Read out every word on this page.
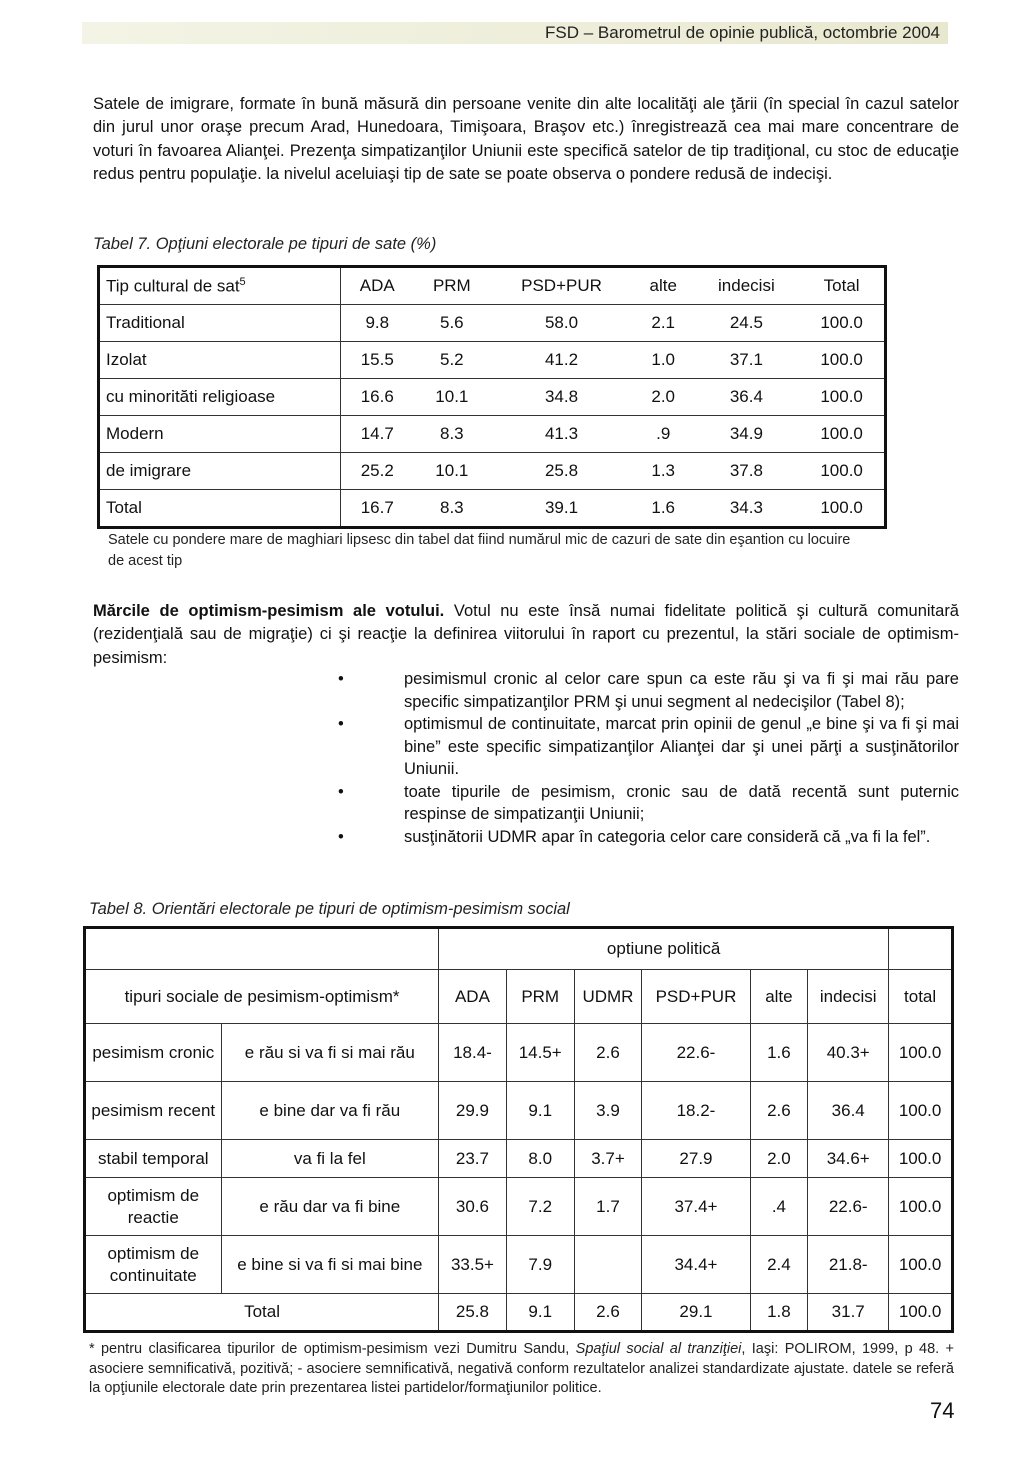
FSD – Barometrul de opinie publică, octombrie 2004

Satele de imigrare, formate în bună măsură din persoane venite din alte localităţi ale ţării (în special în cazul satelor din jurul unor oraşe precum Arad, Hunedoara, Timişoara, Braşov etc.) înregistrează cea mai mare concentrare de voturi în favoarea Alianţei. Prezenţa simpatizanţilor Uniunii este specifică satelor de tip tradiţional, cu stoc de educaţie redus pentru populaţie. la nivelul aceluiaşi tip de sate se poate observa o pondere redusă de indecişi.

Tabel 7. Opţiuni electorale pe tipuri de sate (%)
Tip cultural de sat$^5$	ADA	PRM	PSD+PUR	alte	indecisi	Total
Traditional	9.8	5.6	58.0	2.1	24.5	100.0
Izolat	15.5	5.2	41.2	1.0	37.1	100.0
cu minorităti religioase	16.6	10.1	34.8	2.0	36.4	100.0
Modern	14.7	8.3	41.3	.9	34.9	100.0
de imigrare	25.2	10.1	25.8	1.3	37.8	100.0
Total	16.7	8.3	39.1	1.6	34.3	100.0
Satele cu pondere mare de maghiari lipsesc din tabel dat fiind numărul mic de cazuri de sate din eşantion cu locuire de acest tip

Mărcile de optimism-pesimism ale votului. Votul nu este însă numai fidelitate politică şi cultură comunitară (rezidenţială sau de migraţie) ci şi reacţie la definirea viitorului în raport cu prezentul, la stări sociale de optimism-pesimism:

•	pesimismul cronic al celor care spun ca este rău şi va fi şi mai rău pare specific simpatizanţilor PRM şi unui segment al nedecişilor (Tabel 8);
•	optimismul de continuitate, marcat prin opinii de genul „e bine şi va fi şi mai bine” este specific simpatizanţilor Alianţei dar şi unei părţi a susţinătorilor Uniunii.
•	toate tipurile de pesimism, cronic sau de dată recentă sunt puternic respinse de simpatizanţii Uniunii;
•	susţinătorii UDMR apar în categoria celor care consideră că „va fi la fel”.
Tabel 8. Orientări electorale pe tipuri de optimism-pesimism social
		optiune politică						
tipuri sociale de pesimism-optimism*		ADA	PRM	UDMR	PSD+PUR	alte	indecisi	total
pesimism cronic	e rău si va fi si mai rău	18.4-	14.5+	2.6	22.6-	1.6	40.3+	100.0
pesimism recent	e bine dar va fi rău	29.9	9.1	3.9	18.2-	2.6	36.4	100.0
stabil temporal	va fi la fel	23.7	8.0	3.7+	27.9	2.0	34.6+	100.0
optimism de reactie	e rău dar va fi bine	30.6	7.2	1.7	37.4+	.4	22.6-	100.0
optimism de continuitate	e bine si va fi si mai bine	33.5+	7.9		34.4+	2.4	21.8-	100.0
Total		25.8	9.1	2.6	29.1	1.8	31.7	100.0
* pentru clasificarea tipurilor de optimism-pesimism vezi Dumitru Sandu, Spaţiul social al tranziţiei, Iaşi: POLIROM, 1999, p 48. + asociere semnificativă, pozitivă; - asociere semnificativă, negativă conform rezultatelor analizei standardizate ajustate. datele se referă la opţiunile electorale date prin prezentarea listei partidelor/formaţiunilor politice.
74
